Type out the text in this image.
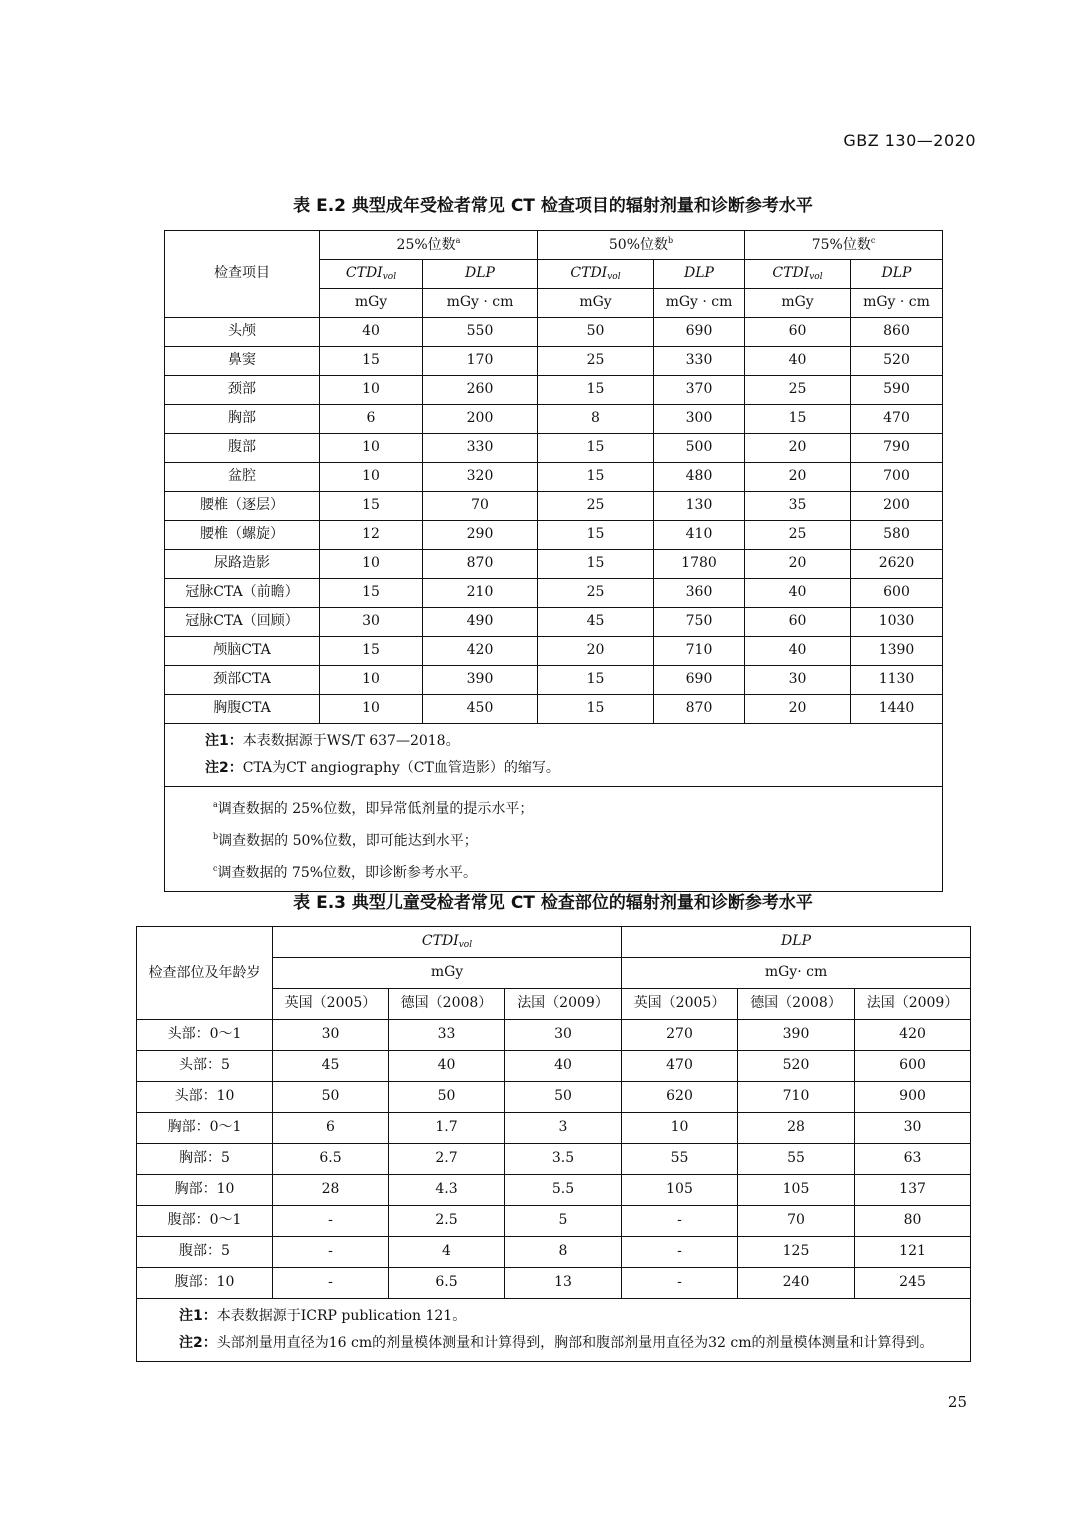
GBZ 130—2020
表 E.2 典型成年受检者常见 CT 检查项目的辐射剂量和诊断参考水平
检查项目	25%位数$^a$		50%位数$^b$		75%位数$^c$
	$CTDI_{vol}$	DLP	$CTDI_{vol}$	DLP	$CTDI_{vol}$	DLP
	mGy	mGy · cm	mGy	mGy · cm	mGy	mGy · cm
头颅	40	550	50	690	60	860
鼻窦	15	170	25	330	40	520
颈部	10	260	15	370	25	590
胸部	6	200	8	300	15	470
腹部	10	330	15	500	20	790
盆腔	10	320	15	480	20	700
腰椎（逐层）	15	70	25	130	35	200
腰椎（螺旋）	12	290	15	410	25	580
尿路造影	10	870	15	1780	20	2620
冠脉CTA（前瞻）	15	210	25	360	40	600
冠脉CTA（回顾）	30	490	45	750	60	1030
颅脑CTA	15	420	20	710	40	1390
颈部CTA	10	390	15	690	30	1130
胸腹CTA	10	450	15	870	20	1440

注1：本表数据源于WS/T 637—2018。
注2：CTA为CT angiography（CT血管造影）的缩写。						

$^a$调查数据的 25%位数，即异常低剂量的提示水平；
$^b$调查数据的 50%位数，即可能达到水平；
$^c$调查数据的 75%位数，即诊断参考水平。						
表 E.3 典型儿童受检者常见 CT 检查部位的辐射剂量和诊断参考水平
检查部位及年龄岁	$CTDI_{vol}$			DLP		
	mGy			mGy· cm		
	英国（2005）	德国（2008）	法国（2009）	英国（2005）	德国（2008）	法国（2009）
头部：0～1	30	33	30	270	390	420
头部：5	45	40	40	470	520	600
头部：10	50	50	50	620	710	900
胸部：0～1	6	1.7	3	10	28	30
胸部：5	6.5	2.7	3.5	55	55	63
胸部：10	28	4.3	5.5	105	105	137
腹部：0～1	-	2.5	5	-	70	80
腹部：5	-	4	8	-	125	121
腹部：10	-	6.5	13	-	240	245

注1： 本表数据源于ICRP publication 121。
注2： 头部剂量用直径为16 cm的剂量模体测量和计算得到，胸部和腹部剂量用直径为32 cm的剂量模体测量和计算得到。						
25
